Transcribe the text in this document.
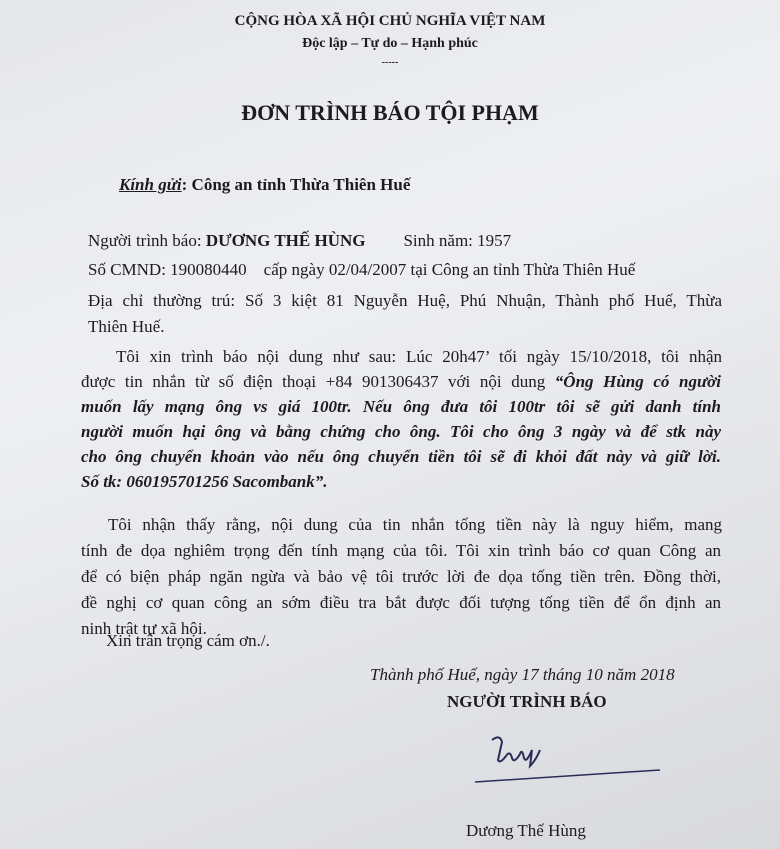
CỘNG HÒA XÃ HỘI CHỦ NGHĨA VIỆT NAM
Độc lập – Tự do – Hạnh phúc
-----
ĐƠN TRÌNH BÁO TỘI PHẠM
Kính gửi: Công an tỉnh Thừa Thiên Huế
Người trình báo: DƯƠNG THẾ HÙNG Sinh năm: 1957
Số CMND: 190080440    cấp ngày 02/04/2007 tại Công an tỉnh Thừa Thiên Huế
Địa chỉ thường trú: Số 3 kiệt 81 Nguyễn Huệ, Phú Nhuận, Thành phố Huế, Thừa
Thiên Huế.
Tôi xin trình báo nội dung như sau: Lúc 20h47’ tối ngày 15/10/2018, tôi nhận
được tin nhắn từ số điện thoại +84 901306437 với nội dung “Ông Hùng có người
muốn lấy mạng ông vs giá 100tr. Nếu ông đưa tôi 100tr tôi sẽ gửi danh tính
người muốn hại ông và bằng chứng cho ông. Tôi cho ông 3 ngày và để stk này
cho ông chuyển khoản vào nếu ông chuyển tiền tôi sẽ đi khỏi đất này và giữ lời.
Số tk: 060195701256 Sacombank”.
Tôi nhận thấy rằng, nội dung của tin nhắn tống tiền này là nguy hiểm, mang
tính đe dọa nghiêm trọng đến tính mạng của tôi. Tôi xin trình báo cơ quan Công an
để có biện pháp ngăn ngừa và bảo vệ tôi trước lời đe dọa tống tiền trên. Đồng thời,
đề nghị cơ quan công an sớm điều tra bắt được đối tượng tống tiền để ổn định an
ninh trật tự xã hội.
Xin trân trọng cám ơn./.
Thành phố Huế, ngày 17 tháng 10 năm 2018
NGƯỜI TRÌNH BÁO
Dương Thế Hùng
